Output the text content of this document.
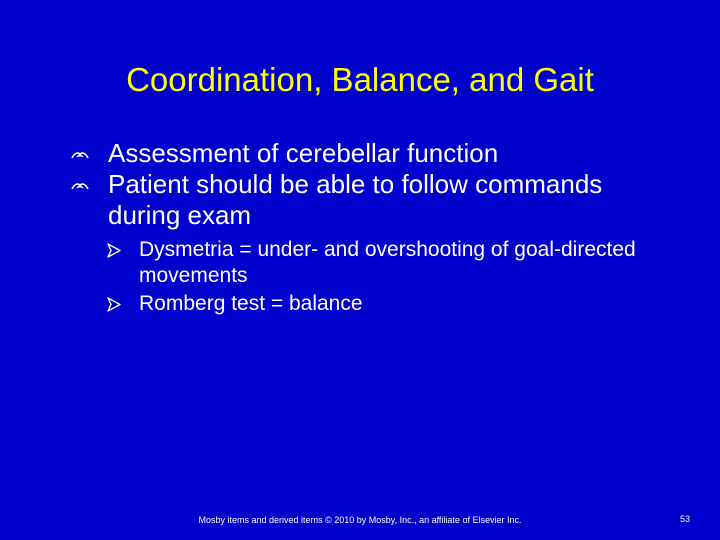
Coordination, Balance, and Gait
Assessment of cerebellar function
Patient should be able to follow commands during exam
Dysmetria = under- and overshooting of goal-directed movements
Romberg test = balance
Mosby items and derived items © 2010 by Mosby, Inc., an affiliate of Elsevier Inc.	53
